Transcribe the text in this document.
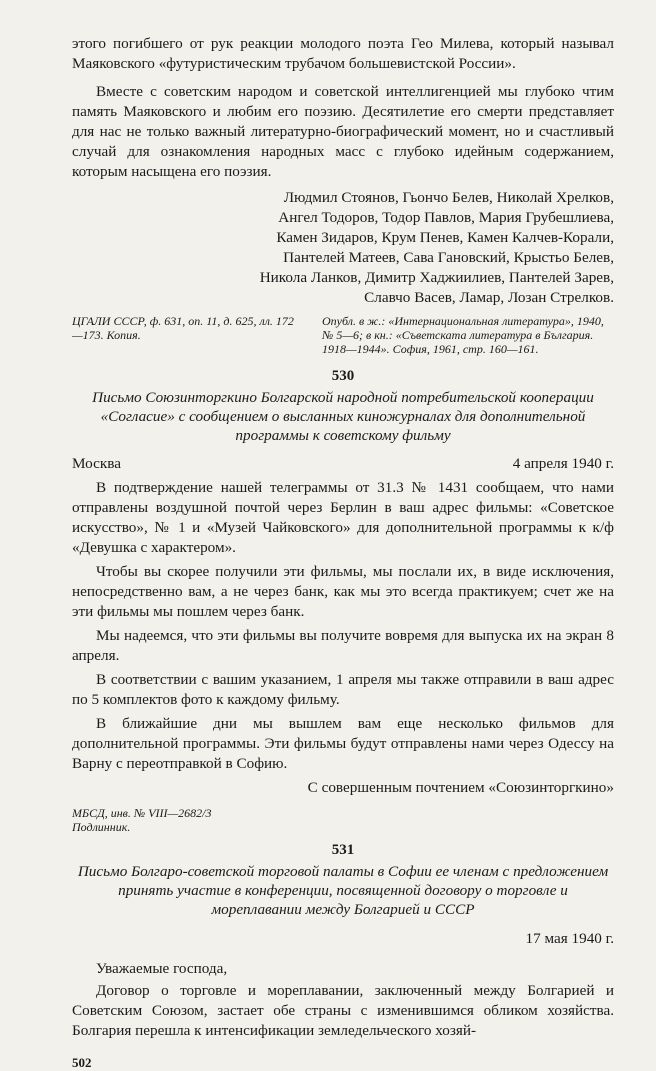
этого погибшего от рук реакции молодого поэта Гео Милева, который называл Маяковского «футуристическим трубачом большевистской России».

Вместе с советским народом и советской интеллигенцией мы глубоко чтим память Маяковского и любим его поэзию. Десятилетие его смерти представляет для нас не только важный литературно-биографический момент, но и счастливый случай для ознакомления народных масс с глубоко идейным содержанием, которым насыщена его поэзия.

Людмил Стоянов, Гьончо Белев, Николай Хрелков,

Ангел Тодоров, Тодор Павлов, Мария Грубешлиева,

Камен Зидаров, Крум Пенев, Камен Калчев-Корали,

Пантелей Матеев, Сава Гановский, Крыстьо Белев,

Никола Ланков, Димитр Хаджиилиев, Пантелей Зарев,

Славчо Васев, Ламар, Лозан Стрелков.

ЦГАЛИ СССР, ф. 631, оп. 11, д. 625, лл. 172—173. Копия.
Опубл. в ж.: «Интернациональная литература», 1940, № 5—6; в кн.: «Съветската литература в България. 1918—1944». София, 1961, стр. 160—161.
530

Письмо Союзинторгкино Болгарской народной потребительской кооперации «Согласие» с сообщением о высланных киножурналах для дополнительной программы к советскому фильму

Москва	4 апреля 1940 г.

В подтверждение нашей телеграммы от 31.3 № 1431 сообщаем, что нами отправлены воздушной почтой через Берлин в ваш адрес фильмы: «Советское искусство», № 1 и «Музей Чайковского» для дополнительной программы к к/ф «Девушка с характером».

Чтобы вы скорее получили эти фильмы, мы послали их, в виде исключения, непосредственно вам, а не через банк, как мы это всегда практикуем; счет же на эти фильмы мы пошлем через банк.

Мы надеемся, что эти фильмы вы получите вовремя для выпуска их на экран 8 апреля.

В соответствии с вашим указанием, 1 апреля мы также отправили в ваш адрес по 5 комплектов фото к каждому фильму.

В ближайшие дни мы вышлем вам еще несколько фильмов для дополнительной программы. Эти фильмы будут отправлены нами через Одессу на Варну с переотправкой в Софию.

С совершенным почтением «Союзинторгкино»

МБСД, инв. № VIII—2682/3
Подлинник.
531

Письмо Болгаро-советской торговой палаты в Софии ее членам с предложением принять участие в конференции, посвященной договору о торговле и мореплавании между Болгарией и СССР

17 мая 1940 г.

Уважаемые господа,

Договор о торговле и мореплавании, заключенный между Болгарией и Советским Союзом, застает обе страны с изменившимся обликом хозяйства. Болгария перешла к интенсификации земледельческого хозяй-

502
